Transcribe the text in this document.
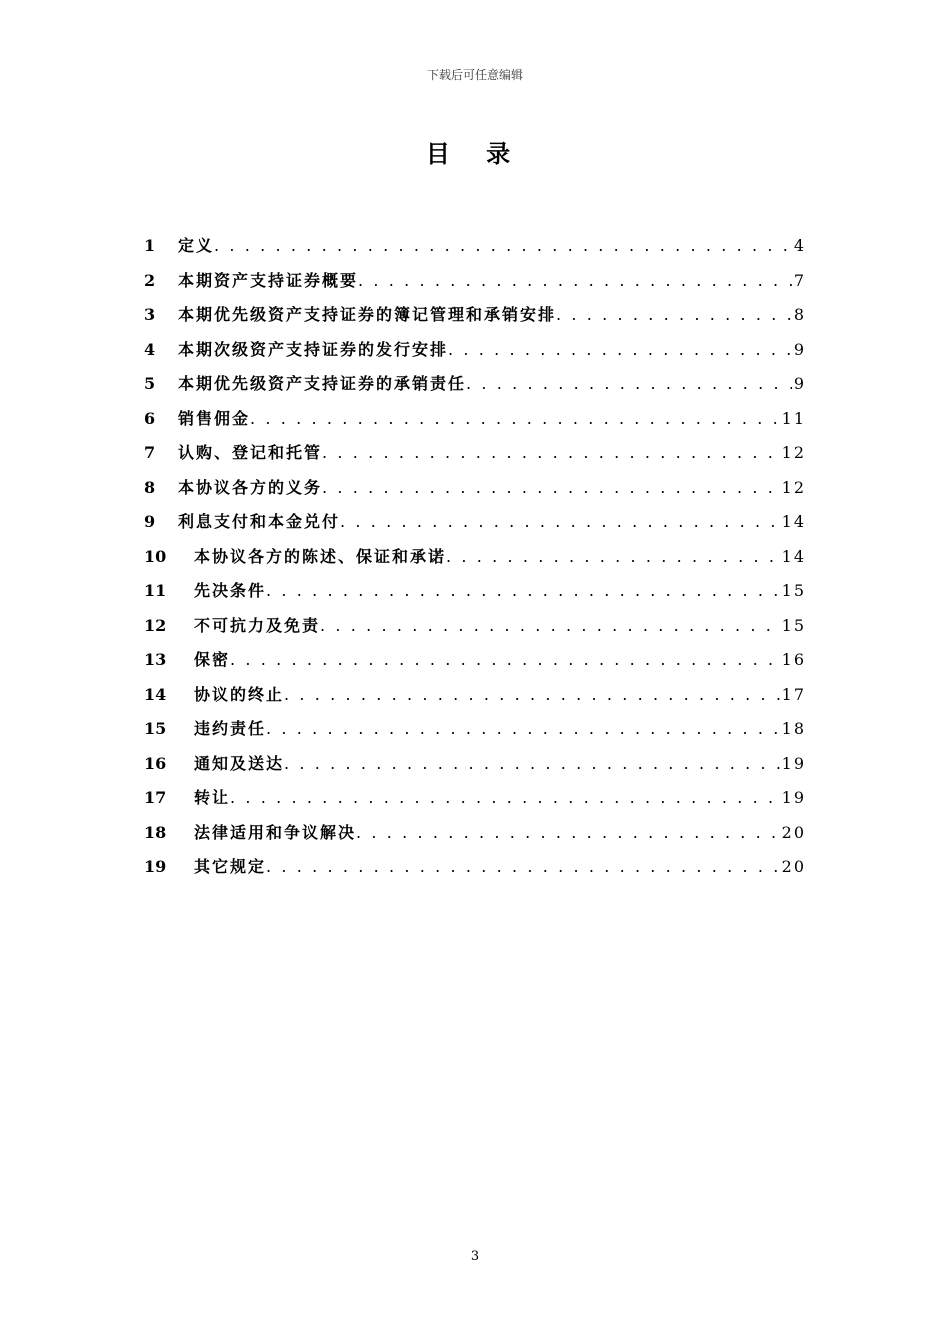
下载后可任意编辑
目 录
1	定义 . . .	4
2	本期资产支持证券概要 . . .	7
3	本期优先级资产支持证券的簿记管理和承销安排 . . .	8
4	本期次级资产支持证券的发行安排 . . .	9
5	本期优先级资产支持证券的承销责任 . . .	9
6	销售佣金 . . .	11
7	认购、登记和托管 . . .	12
8	本协议各方的义务 . . .	12
9	利息支付和本金兑付 . . .	14
10	本协议各方的陈述、保证和承诺 . . .	14
11	先决条件 . . .	15
12	不可抗力及免责 . . .	15
13	保密 . . .	16
14	协议的终止 . . .	17
15	违约责任 . . .	18
16	通知及送达 . . .	19
17	转让 . . .	19
18	法律适用和争议解决 . . .	20
19	其它规定 . . .	20
3
